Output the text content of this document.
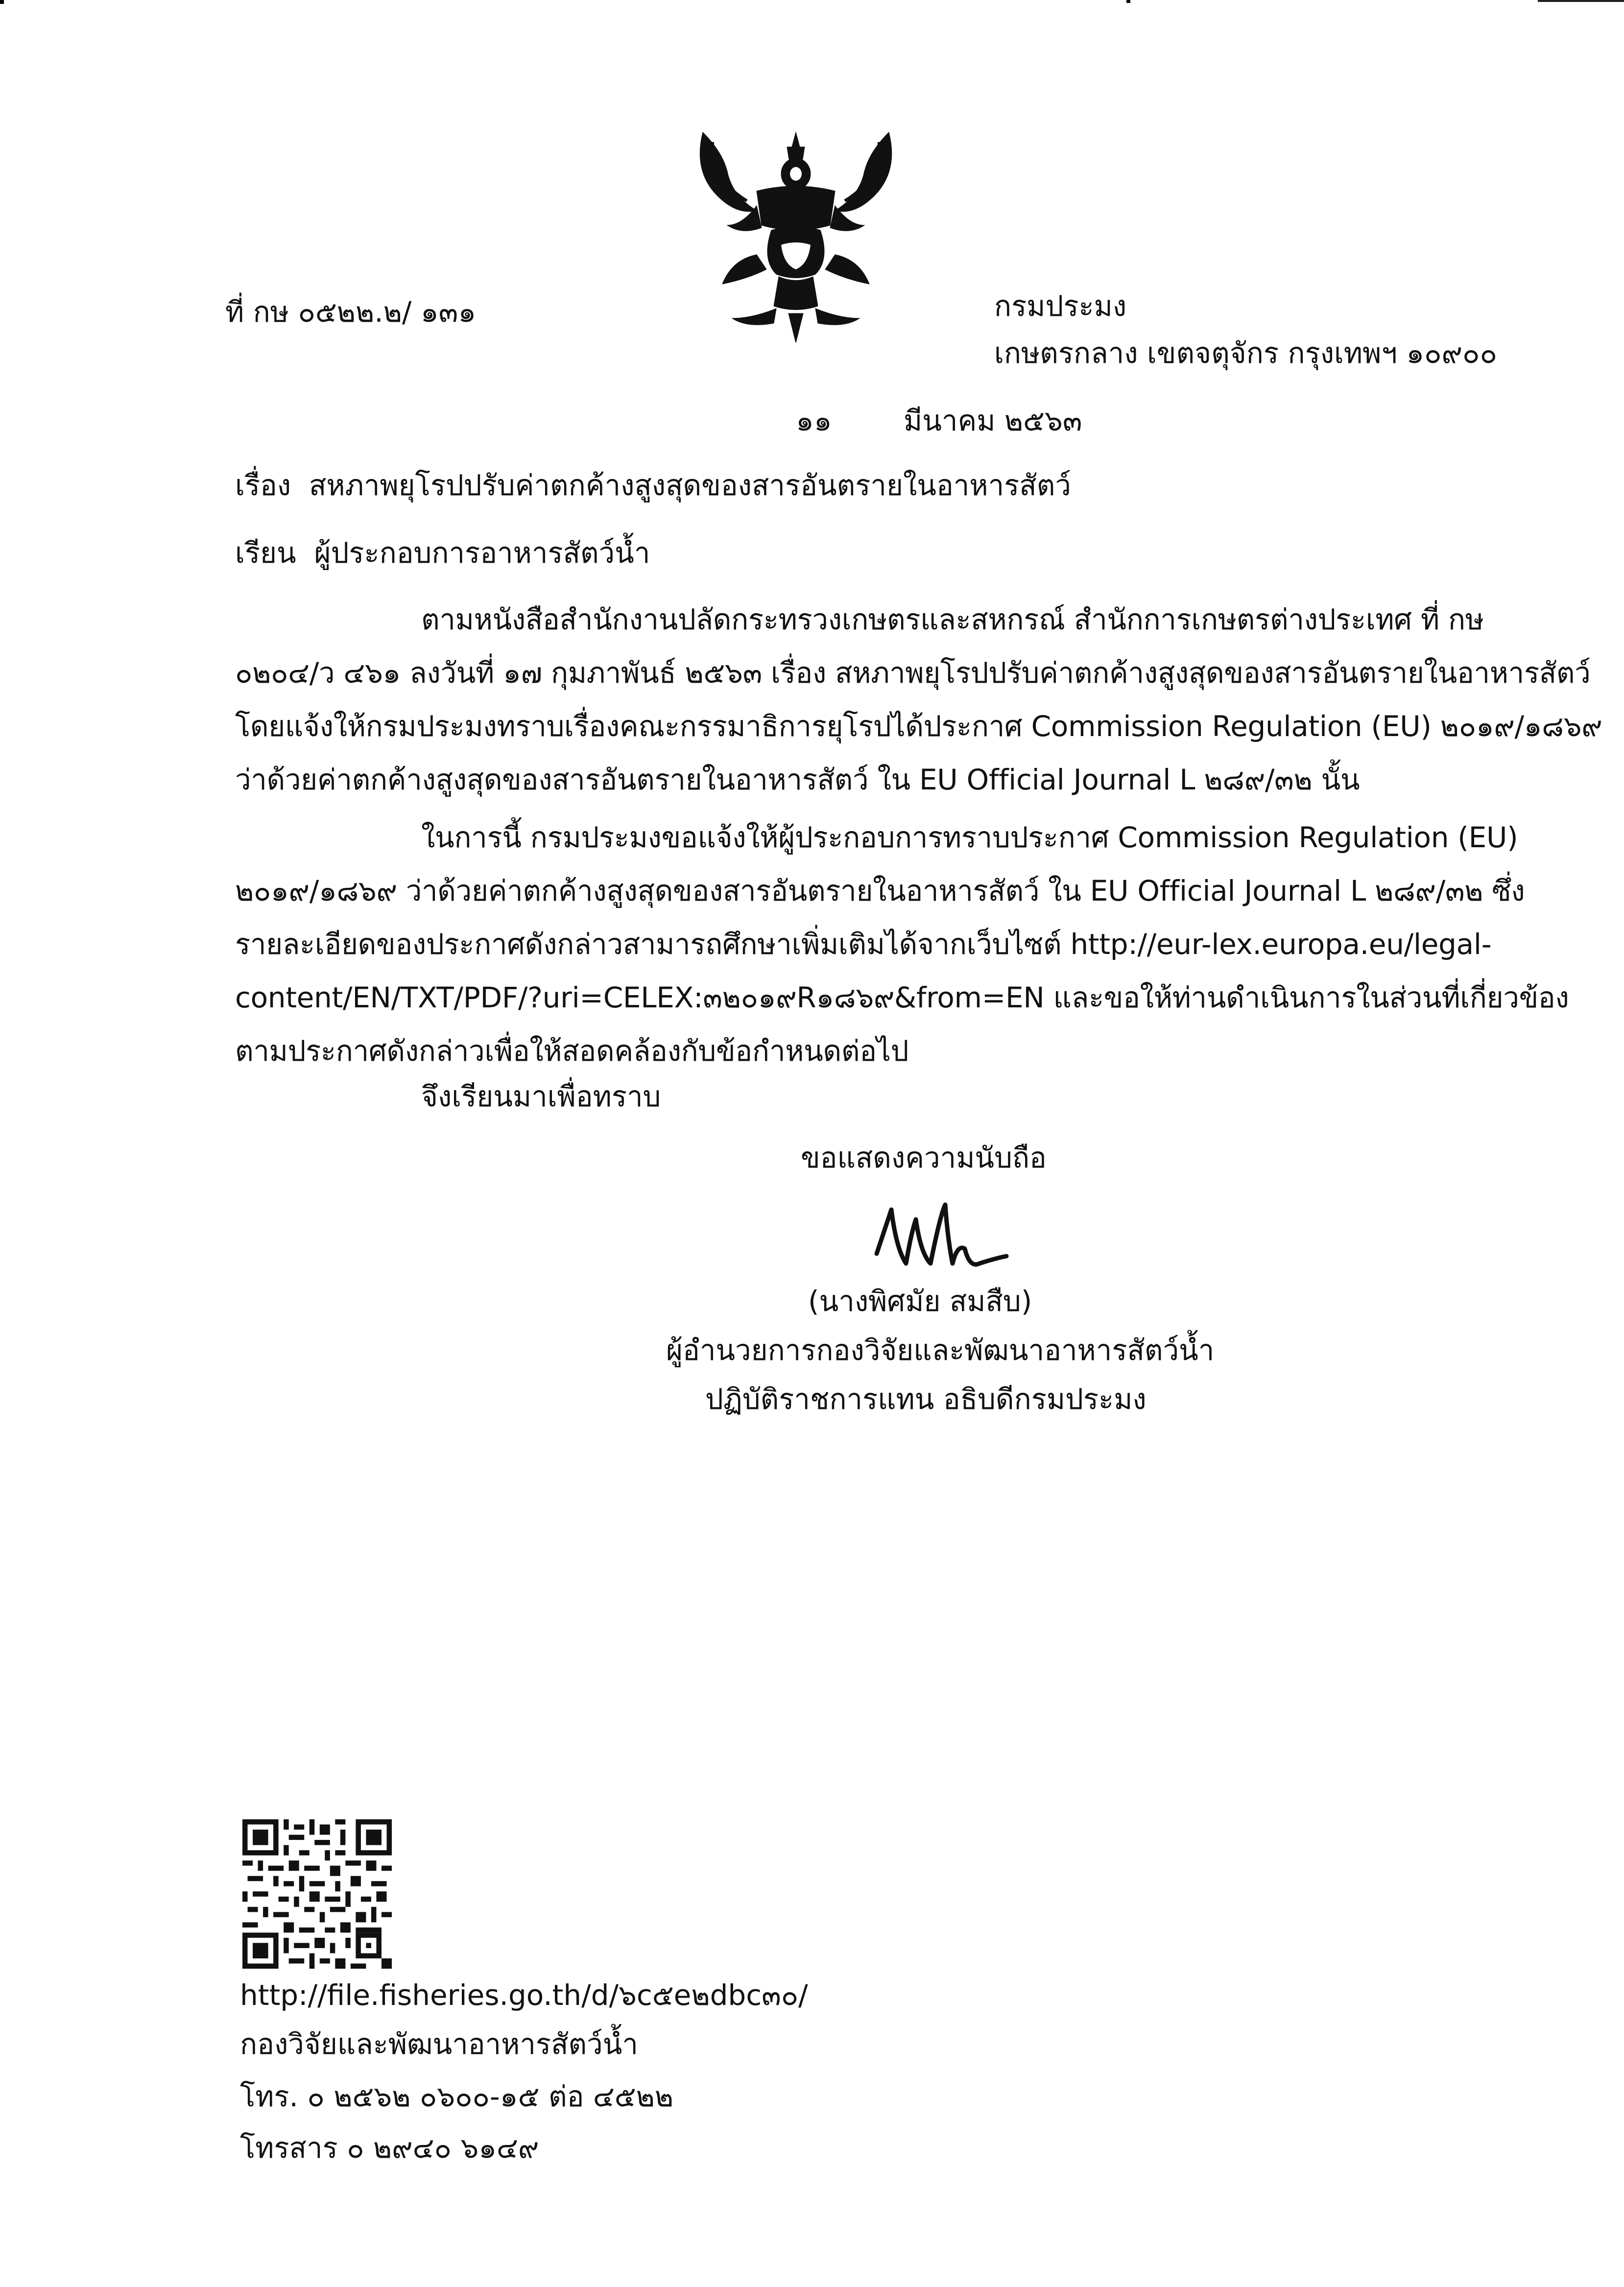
ที่ กษ ๐๕๒๒.๒/ ๑๓๑	กรมประมง
เกษตรกลาง เขตจตุจักร กรุงเทพฯ ๑๐๙๐๐
๑๑	มีนาคม ๒๕๖๓
เรื่อง สหภาพยุโรปปรับค่าตกค้างสูงสุดของสารอันตรายในอาหารสัตว์
เรียน ผู้ประกอบการอาหารสัตว์น้ำ
ตามหนังสือสำนักงานปลัดกระทรวงเกษตรและสหกรณ์ สำนักการเกษตรต่างประเทศ ที่ กษ
๐๒๐๔/ว ๔๖๑ ลงวันที่ ๑๗ กุมภาพันธ์ ๒๕๖๓ เรื่อง สหภาพยุโรปปรับค่าตกค้างสูงสุดของสารอันตรายในอาหารสัตว์
โดยแจ้งให้กรมประมงทราบเรื่องคณะกรรมาธิการยุโรปได้ประกาศ Commission Regulation (EU) ๒๐๑๙/๑๘๖๙
ว่าด้วยค่าตกค้างสูงสุดของสารอันตรายในอาหารสัตว์ ใน EU Official Journal L ๒๘๙/๓๒ นั้น
ในการนี้ กรมประมงขอแจ้งให้ผู้ประกอบการทราบประกาศ Commission Regulation (EU)
๒๐๑๙/๑๘๖๙ ว่าด้วยค่าตกค้างสูงสุดของสารอันตรายในอาหารสัตว์ ใน EU Official Journal L ๒๘๙/๓๒ ซึ่ง
รายละเอียดของประกาศดังกล่าวสามารถศึกษาเพิ่มเติมได้จากเว็บไซต์ http://eur-lex.europa.eu/legal-
content/EN/TXT/PDF/?uri=CELEX:๓๒๐๑๙R๑๘๖๙&from=EN และขอให้ท่านดำเนินการในส่วนที่เกี่ยวข้อง
ตามประกาศดังกล่าวเพื่อให้สอดคล้องกับข้อกำหนดต่อไป
จึงเรียนมาเพื่อทราบ
ขอแสดงความนับถือ
(นางพิศมัย สมสืบ)
ผู้อำนวยการกองวิจัยและพัฒนาอาหารสัตว์น้ำ
ปฏิบัติราชการแทน อธิบดีกรมประมง
http://file.fisheries.go.th/d/๖c๕e๒dbc๓๐/
กองวิจัยและพัฒนาอาหารสัตว์น้ำ
โทร. ๐ ๒๕๖๒ ๐๖๐๐-๑๕ ต่อ ๔๕๒๒
โทรสาร ๐ ๒๙๔๐ ๖๑๔๙
